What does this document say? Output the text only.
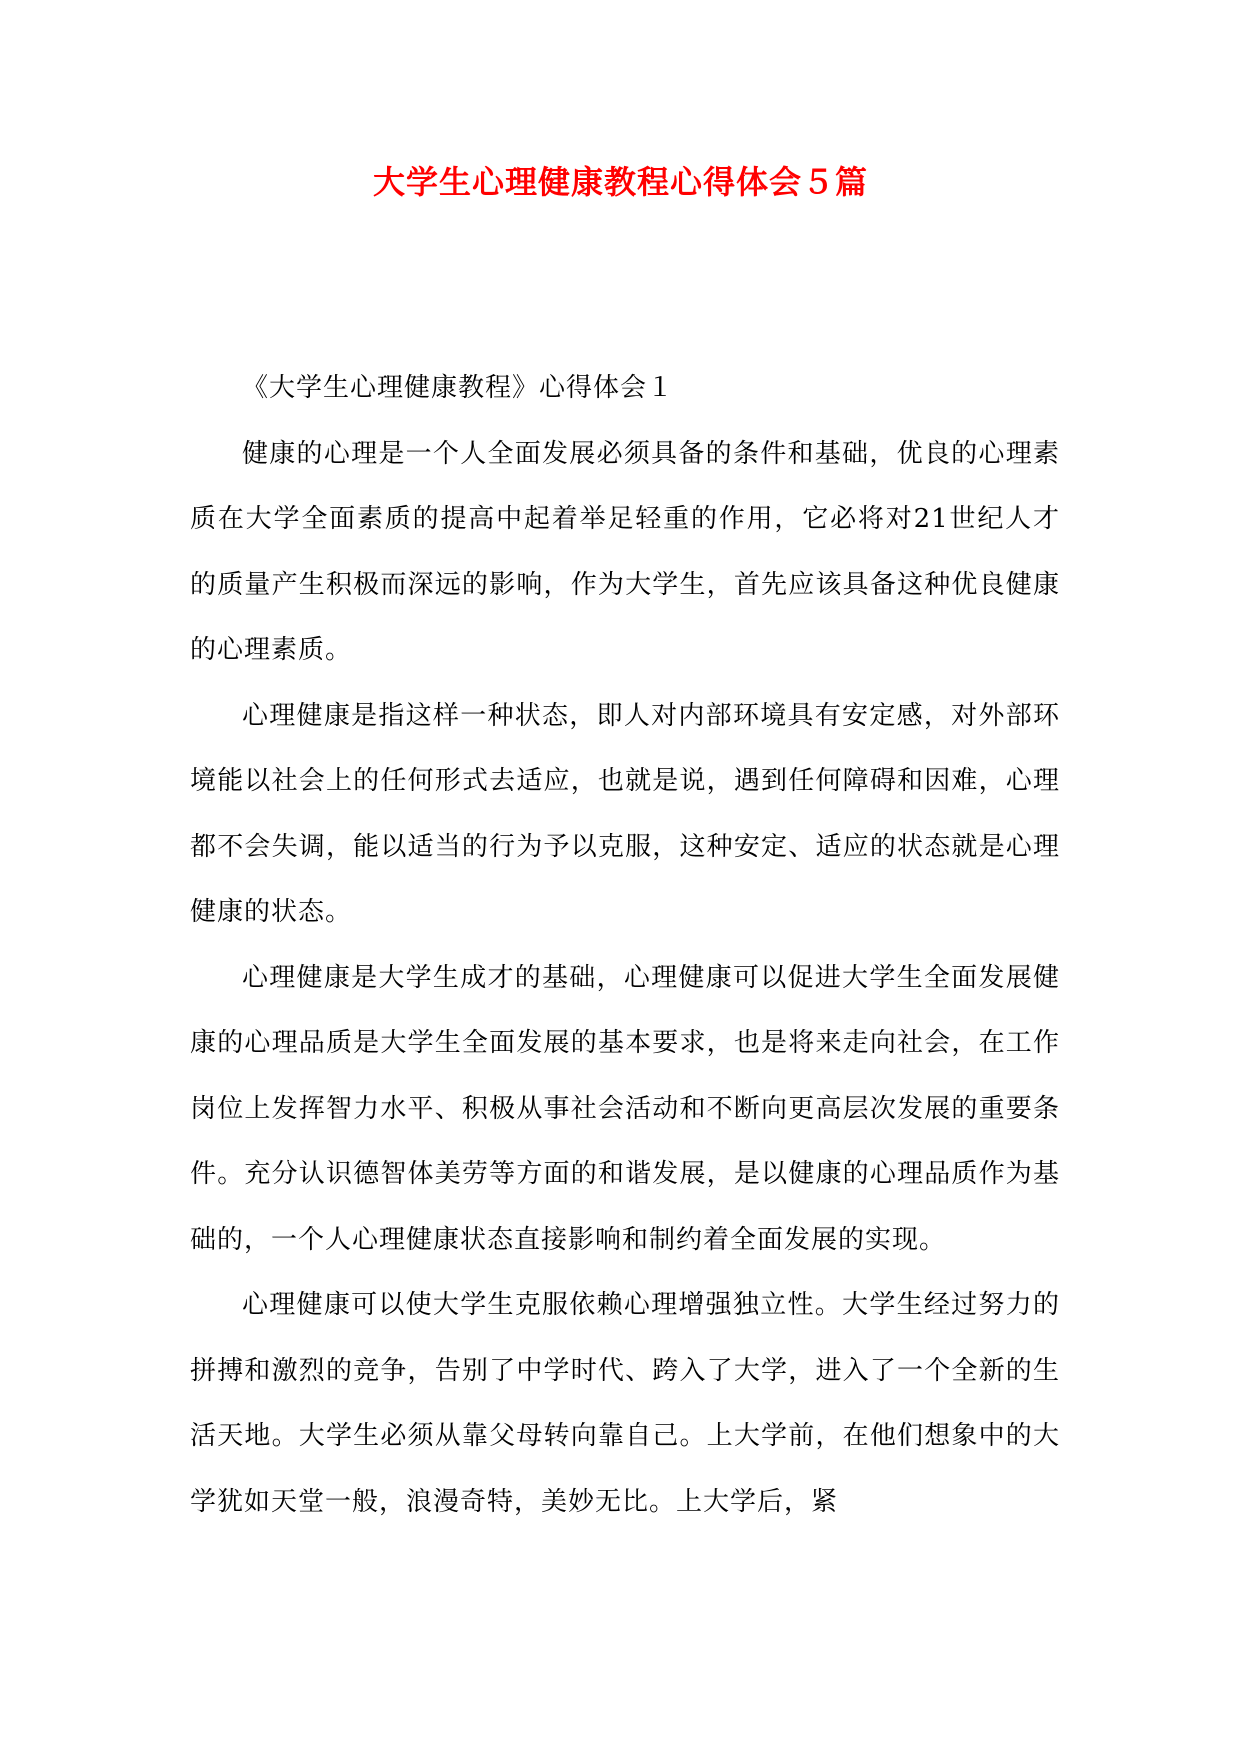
大学生心理健康教程心得体会５篇

《大学生心理健康教程》心得体会１

健康的心理是一个人全面发展必须具备的条件和基础，优良的心理素质在大学全面素质的提高中起着举足轻重的作用，它必将对21世纪人才的质量产生积极而深远的影响，作为大学生，首先应该具备这种优良健康的心理素质。

心理健康是指这样一种状态，即人对内部环境具有安定感，对外部环境能以社会上的任何形式去适应，也就是说，遇到任何障碍和因难，心理都不会失调，能以适当的行为予以克服，这种安定、适应的状态就是心理健康的状态。

心理健康是大学生成才的基础，心理健康可以促进大学生全面发展健康的心理品质是大学生全面发展的基本要求，也是将来走向社会，在工作岗位上发挥智力水平、积极从事社会活动和不断向更高层次发展的重要条件。充分认识德智体美劳等方面的和谐发展，是以健康的心理品质作为基础的，一个人心理健康状态直接影响和制约着全面发展的实现。

心理健康可以使大学生克服依赖心理增强独立性。大学生经过努力的拼搏和激烈的竞争，告别了中学时代、跨入了大学，进入了一个全新的生活天地。大学生必须从靠父母转向靠自己。上大学前，在他们想象中的大学犹如天堂一般，浪漫奇特，美妙无比。上大学后，紧
